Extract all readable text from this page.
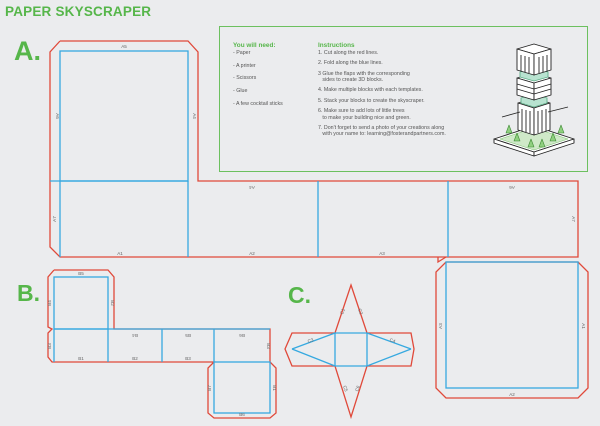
PAPER SKYSCRAPER
A.
B.	C.
You will need:
- Paper
- A printer
- Scissors
- Glue
- A few cocktail sticks
Instructions
1. Cut along the red lines.
2. Fold along the blue lines.
3 Glue the flaps with the corresponding
sides to create 3D blocks.
4. Make multiple blocks with each templates.
5. Stack your blocks to create the skyscraper.
6. Make sure to add lots of little trees
to make your building nice and green.
7. Don't forget to send a photo of your creations along
with your name to: learning@fosterandpartners.com.
A5
A6	A4
A7
A1	A2	A3
A4	A6
A7
A3	A1
A2
B5
B4	B2
B3
B1	B2	B3
B4	B6
B5
B3
B7	B1
B6
C1 C2
C3	C4
C5 C6
